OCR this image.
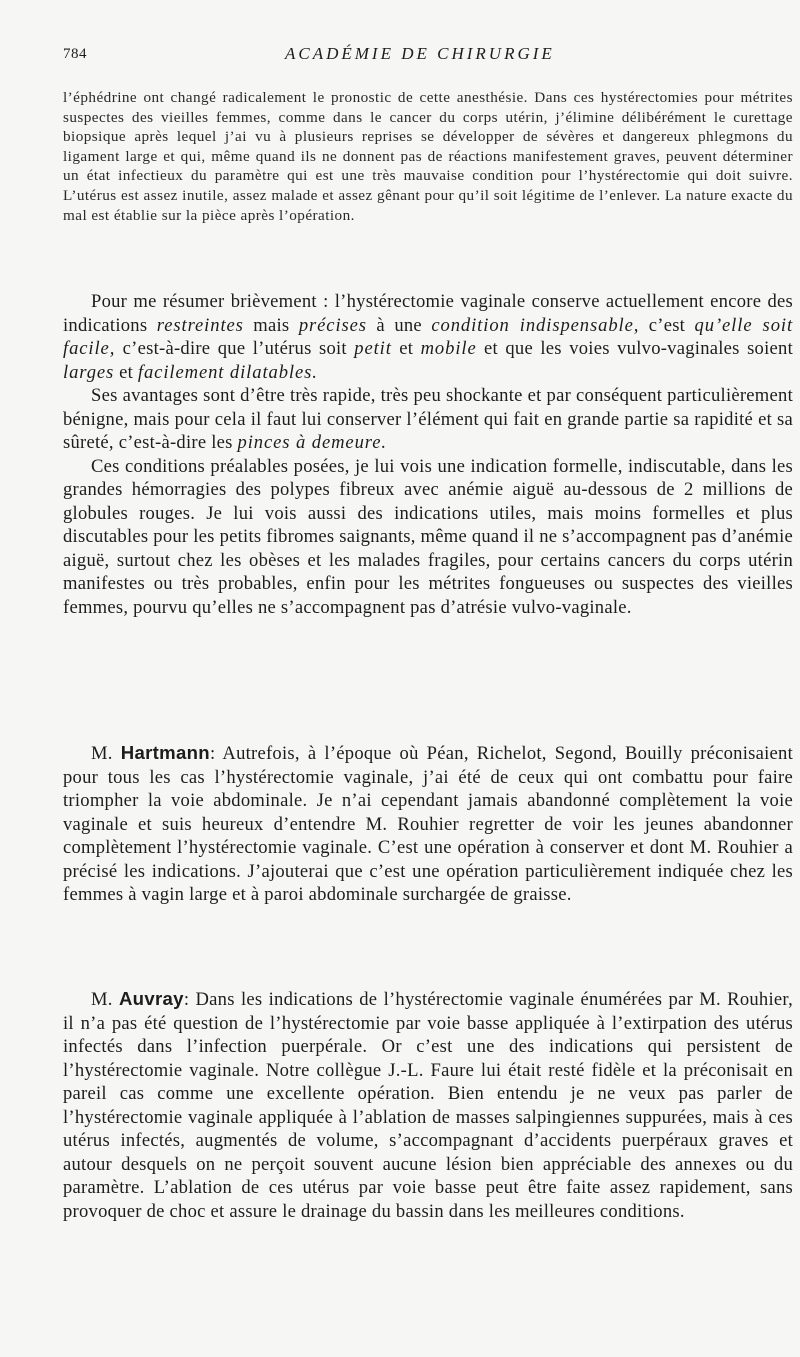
784	ACADÉMIE DE CHIRURGIE
l’éphédrine ont changé radicalement le pronostic de cette anesthésie. Dans ces hystérectomies pour métrites suspectes des vieilles femmes, comme dans le cancer du corps utérin, j’élimine délibérément le curettage biopsique après lequel j’ai vu à plusieurs reprises se développer de sévères et dangereux phlegmons du ligament large et qui, même quand ils ne donnent pas de réactions manifestement graves, peuvent déterminer un état infectieux du paramètre qui est une très mauvaise condition pour l’hystérectomie qui doit suivre. L’utérus est assez inutile, assez malade et assez gênant pour qu’il soit légitime de l’enlever. La nature exacte du mal est établie sur la pièce après l’opération.

Pour me résumer brièvement : l’hystérectomie vaginale conserve actuellement encore des indications restreintes mais précises à une condition indispensable, c’est qu’elle soit facile, c’est-à-dire que l’utérus soit petit et mobile et que les voies vulvo-vaginales soient larges et facilement dilatables.

Ses avantages sont d’être très rapide, très peu shockante et par conséquent particulièrement bénigne, mais pour cela il faut lui conserver l’élément qui fait en grande partie sa rapidité et sa sûreté, c’est-à-dire les pinces à demeure.

Ces conditions préalables posées, je lui vois une indication formelle, indiscutable, dans les grandes hémorragies des polypes fibreux avec anémie aiguë au-dessous de 2 millions de globules rouges. Je lui vois aussi des indications utiles, mais moins formelles et plus discutables pour les petits fibromes saignants, même quand il ne s’accompagnent pas d’anémie aiguë, surtout chez les obèses et les malades fragiles, pour certains cancers du corps utérin manifestes ou très probables, enfin pour les métrites fongueuses ou suspectes des vieilles femmes, pourvu qu’elles ne s’accompagnent pas d’atrésie vulvo-vaginale.

M. Hartmann: Autrefois, à l’époque où Péan, Richelot, Segond, Bouilly préconisaient pour tous les cas l’hystérectomie vaginale, j’ai été de ceux qui ont combattu pour faire triompher la voie abdominale. Je n’ai cependant jamais abandonné complètement la voie vaginale et suis heureux d’entendre M. Rouhier regretter de voir les jeunes abandonner complètement l’hystérectomie vaginale. C’est une opération à conserver et dont M. Rouhier a précisé les indications. J’ajouterai que c’est une opération particulièrement indiquée chez les femmes à vagin large et à paroi abdominale surchargée de graisse.

M. Auvray: Dans les indications de l’hystérectomie vaginale énumérées par M. Rouhier, il n’a pas été question de l’hystérectomie par voie basse appliquée à l’extirpation des utérus infectés dans l’infection puerpérale. Or c’est une des indications qui persistent de l’hystérectomie vaginale. Notre collègue J.-L. Faure lui était resté fidèle et la préconisait en pareil cas comme une excellente opération. Bien entendu je ne veux pas parler de l’hystérectomie vaginale appliquée à l’ablation de masses salpingiennes suppurées, mais à ces utérus infectés, augmentés de volume, s’accompagnant d’accidents puerpéraux graves et autour desquels on ne perçoit souvent aucune lésion bien appréciable des annexes ou du paramètre. L’ablation de ces utérus par voie basse peut être faite assez rapidement, sans provoquer de choc et assure le drainage du bassin dans les meilleures conditions.
